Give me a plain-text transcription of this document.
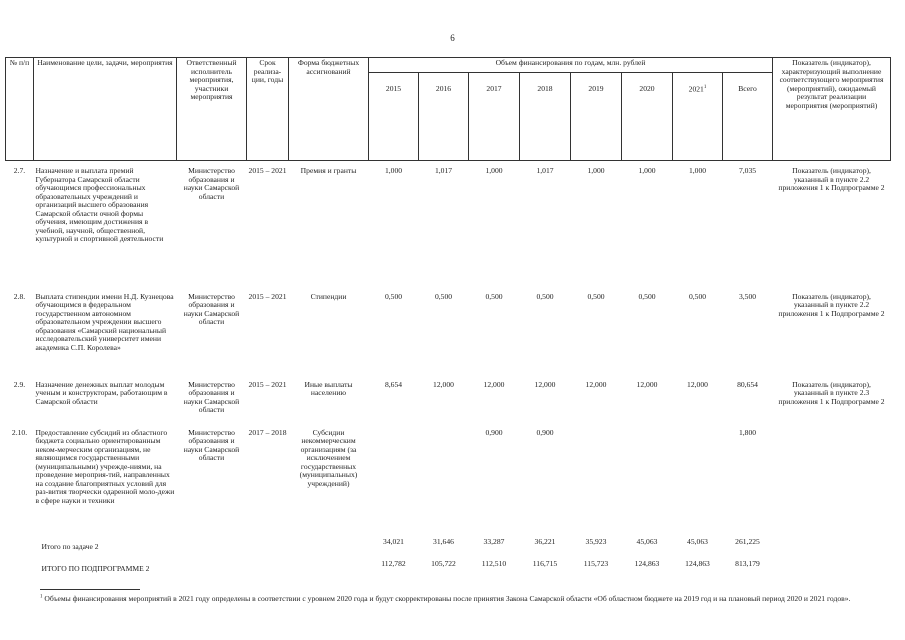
6
№ п/п	Наименование цели, задачи, мероприятия	Ответственный исполнитель мероприятия, участники мероприятия	Срок реализа-ции, годы	Форма бюджетных ассигнований	Объем финансирования по годам, млн. рублей								Показатель (индикатор), характеризующий выполнение соответствующего мероприятия (мероприятий), ожидаемый результат реализации мероприятия (мероприятий)
					2015	2016	2017	2018	2019	2020	2021$^1$	Всего	
2.7.	Назначение и выплата премий Губернатора Самарской области обучающимся профессиональных образовательных учреждений и организаций высшего образования Самарской области очной формы обучения, имеющим достижения в учебной, научной, общественной, культурной и спортивной деятельности	Министерство образования и науки Самарской области	2015 – 2021	Премия и гранты	1,000	1,017	1,000	1,017	1,000	1,000	1,000	7,035	Показатель (индикатор), указанный в пункте 2.2 приложения 1 к Подпрограмме 2
2.8.	Выплата стипендии имени Н.Д. Кузнецова обучающимся в федеральном государственном автономном образовательном учреждении высшего образования «Самарский национальный исследовательский университет имени академика С.П. Королева»	Министерство образования и науки Самарской области	2015 – 2021	Стипендии	0,500	0,500	0,500	0,500	0,500	0,500	0,500	3,500	Показатель (индикатор), указанный в пункте 2.2 приложения 1 к Подпрограмме 2
2.9.	Назначение денежных выплат молодым ученым и конструкторам, работающим в Самарской области	Министерство образования и науки Самарской области	2015 – 2021	Иные выплаты населению	8,654	12,000	12,000	12,000	12,000	12,000	12,000	80,654	Показатель (индикатор), указанный в пункте 2.3 приложения 1 к Подпрограмме 2
2.10.	Предоставление субсидий из областного бюджета социально ориентированным неком-мерческим организациям, не являющимся государственными (муниципальными) учрежде-ниями, на проведение мероприя-тий, направленных на создание благоприятных условий для раз-вития творчески одаренной моло-дежи в сфере науки и техники	Министерство образования и науки Самарской области	2017 – 2018	Субсидии некоммерческим организациям (за исключением государственных (муниципальных) учреждений)			0,900	0,900				1,800	
Итого по задаче 2					34,021	31,646	33,287	36,221	35,923	45,063	45,063	261,225	
ИТОГО ПО ПОДПРОГРАММЕ 2					112,782	105,722	112,510	116,715	115,723	124,863	124,863	813,179	
$^1$ Объемы финансирования мероприятий в 2021 году определены в соответствии с уровнем 2020 года и будут скорректированы после принятия Закона Самарской области «Об областном бюджете на 2019 год и на плановый период 2020 и 2021 годов».
